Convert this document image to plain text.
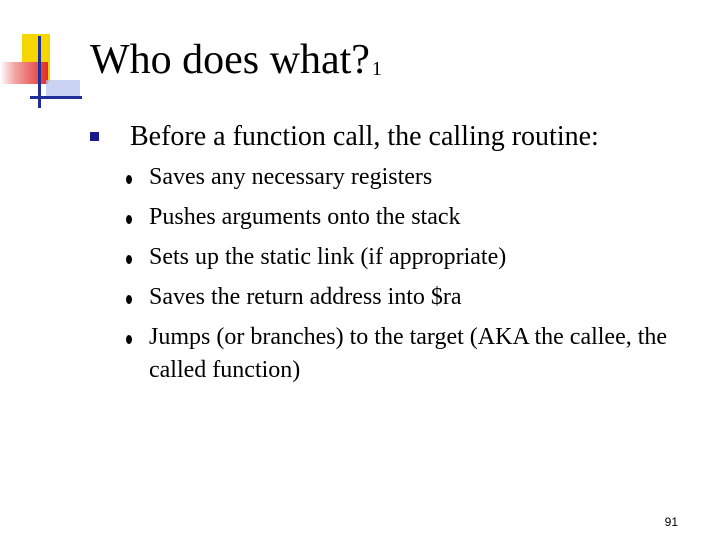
Who does what? $_1$
Before a function call, the calling routine:
Saves any necessary registers
Pushes arguments onto the stack
Sets up the static link (if appropriate)
Saves the return address into $ra
Jumps (or branches) to the target (AKA the callee, the called function)
91
